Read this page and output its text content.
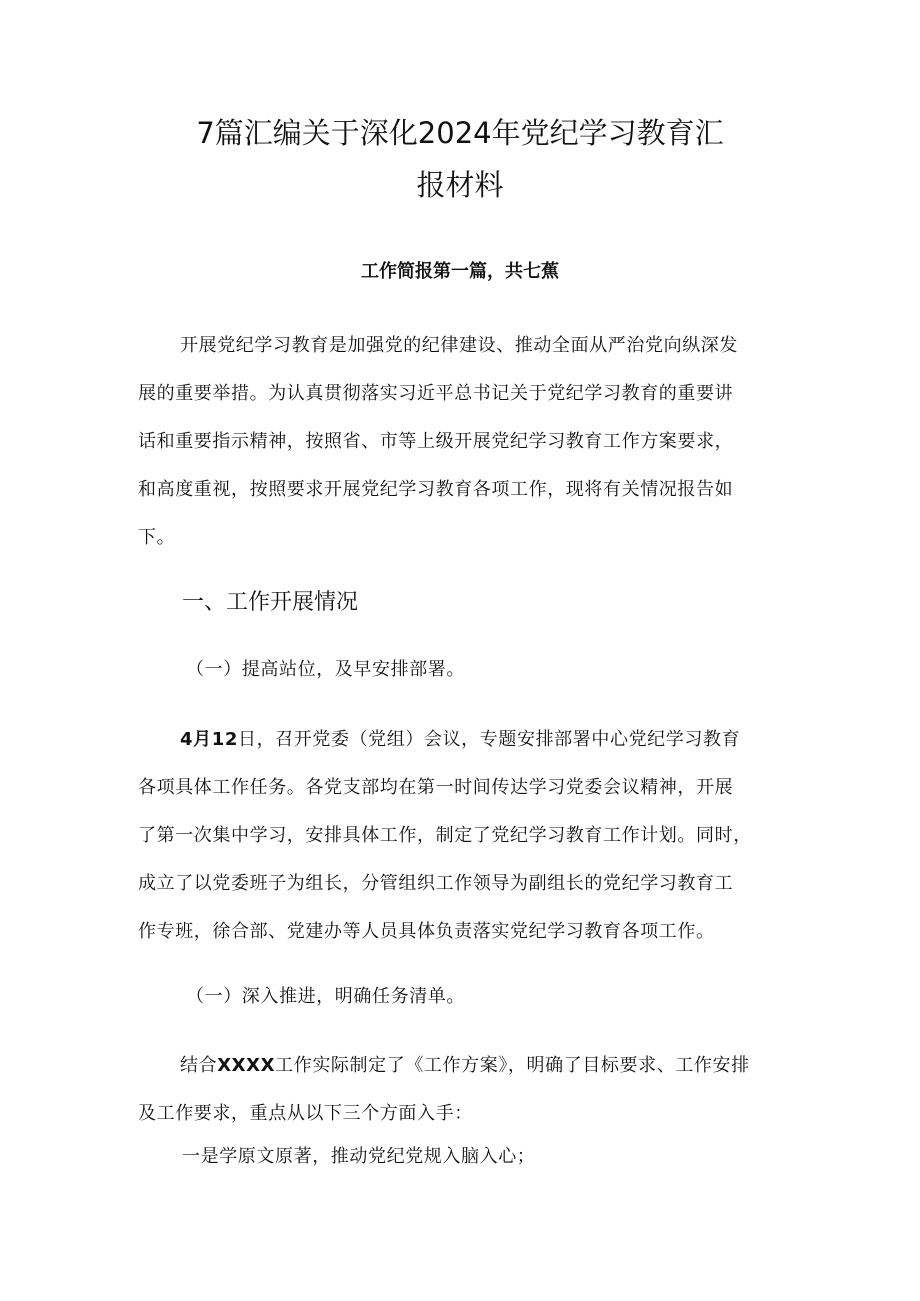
7篇汇编关于深化2024年党纪学习教育汇
报材料
工作简报第一篇，共七蕉
开展党纪学习教育是加强党的纪律建设、推动全面从严治党向纵深发
展的重要举措。为认真贯彻落实习近平总书记关于党纪学习教育的重要讲
话和重要指示精神，按照省、市等上级开展党纪学习教育工作方案要求，
和高度重视，按照要求开展党纪学习教育各项工作，现将有关情况报告如
下。
一、工作开展情况
（一）提高站位，及早安排部署。
4月12日，召开党委（党组）会议，专题安排部署中心党纪学习教育
各项具体工作任务。各党支部均在第一时间传达学习党委会议精神，开展
了第一次集中学习，安排具体工作，制定了党纪学习教育工作计划。同时，
成立了以党委班子为组长，分管组织工作领导为副组长的党纪学习教育工
作专班，徐合部、党建办等人员具体负责落实党纪学习教育各项工作。
（一）深入推进，明确任务清单。
结合XXXX工作实际制定了《工作方案》，明确了目标要求、工作安排
及工作要求，重点从以下三个方面入手：
一是学原文原著，推动党纪党规入脑入心；
